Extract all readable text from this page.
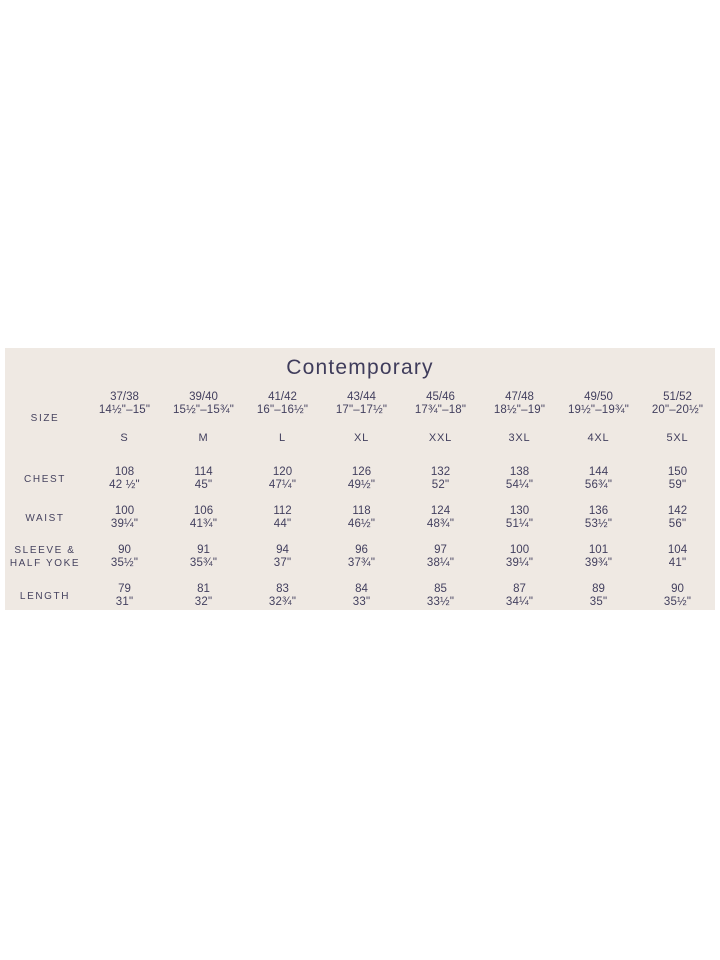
Contemporary
SIZE
37/38
14½"–15"
S
39/40
15½"–15¾"
M
41/42
16"–16½"
L
43/44
17"–17½"
XL
45/46
17¾"–18"
XXL
47/48
18½"–19"
3XL
49/50
19½"–19¾"
4XL
51/52
20"–20½"
5XL
CHEST
108
42 ½"
114
45"
120
47¼"
126
49½"
132
52"
138
54¼"
144
56¾"
150
59"
WAIST
100
39¼"
106
41¾"
112
44"
118
46½"
124
48¾"
130
51¼"
136
53½"
142
56"
SLEEVE &
HALF YOKE
90
35½"
91
35¾"
94
37"
96
37¾"
97
38¼"
100
39¼"
101
39¾"
104
41"
LENGTH
79
31"
81
32"
83
32¾"
84
33"
85
33½"
87
34¼"
89
35"
90
35½"
